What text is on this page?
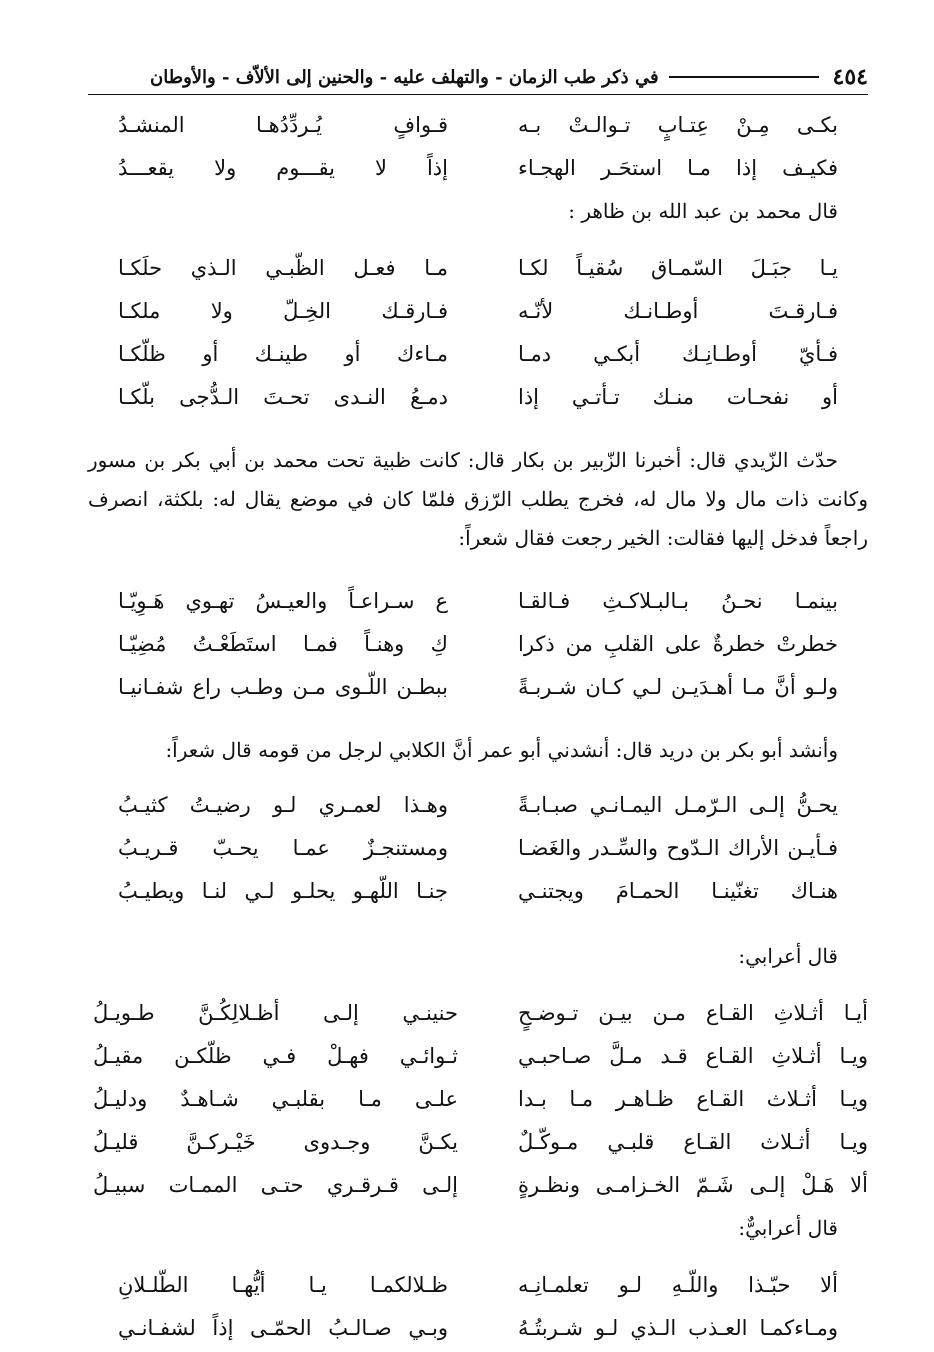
٤٥٤
في ذكر طب الزمان - والتهلف عليه - والحنين إلى الألاّف - والأوطان
بكـى مِـنْ عِتـابٍ تـوالـتْ بـه
قـوافٍ يُـردِّدُهـا المنشـدُ
فكيـف إذا مـا استحَـر الهجـاء
إذاً لا يقـــوم ولا يقعـــدُ
قال محمد بن عبد الله بن ظاهر :
يـا جبَـلَ السّمـاق سُقيـاً لكـا
مـا فعـل الظّبـي الـذي حلَكـا
فـارقـتَ أوطـانـك لأنّـه
فـارقـك الخِـلّ ولا ملكـا
فـأيّ أوطـانِـك أبكـي دمـا
مـاءك أو طينـك أو ظلّكـا
أو نفحـات منـك تـأتـي إذا
دمـعُ النـدى تحـتَ الـدُّجى بلّكـا
حدّث الزّيدي قال: أخبرنا الزّبير بن بكار قال: كانت ظبية تحت محمد بن أبي بكر بن مسور وكانت ذات مال ولا مال له، فخرج يطلب الرّزق فلمّا كان في موضع يقال له: بلكثة، انصرف راجعاً فدخل إليها فقالت: الخير رجعت فقال شعراً:
بينمـا نحـنُ بـالبـلاكـثِ فـالقـا
ع سـراعـاً والعيـسُ تهـوي هَـوِيّـا
خطرتْ خطرةٌ على القلبِ من ذكرا
كِ وهنـاً فمـا استَطَعْـتُ مُضِيّـا
ولـو أنَّ مـا أهـدَيـن لـي كـان شـربـةً
ببطـن اللّـوى مـن وطـب راع شفـانيـا
وأنشد أبو بكر بن دريد قال: أنشدني أبو عمر أنَّ الكلابي لرجل من قومه قال شعراً:
يحـنُّ إلـى الـرّمـل اليمـانـي صبـابـةً
وهـذا لعمـري لـو رضيـتُ كثيـبُ
فـأيـن الأراك الـدّوح والسِّـدر والغَضـا
ومستنجـزٌ عمـا يحـبّ قـريـبُ
هنـاك تغنّينـا الحمـامَ ويجتنـي
جنـا اللّهـو يحلـو لـي لنـا ويطيـبُ
قال أعرابي:
أيـا أثـلاثِ القـاع مـن بيـن تـوضـحٍ
حنينـي إلـى أظـلالِكُـنَّ طـويـلُ
ويـا أثـلاثِ القـاع قـد مـلَّ صـاحبـي
ثـوائـي فهـلْ فـي ظلّكـن مقيـلُ
ويـا أثـلاث القـاع ظـاهـر مـا بـدا
علـى مـا بقلبـي شـاهـدٌ ودليـلُ
ويـا أثـلاث القـاع قلبـي مـوكّـلٌ
يكـنَّ وجـدوى خَيْـركـنَّ قليـلُ
ألا هَـلْ إلـى شَـمّ الخـزامـى ونظـرةٍ
إلـى قـرقـري حتـى الممـات سبيـلُ
قال أعرابيٌّ:
ألا حبّـذا واللّـهِ لـو تعلمـانِـه
ظـلالكمـا يـا أيُّهـا الطّلـلانِ
ومـاءكمـا العـذب الـذي لـو شـربتُـهُ
وبـي صـالـبُ الحمّـى إذاً لشفـانـي
